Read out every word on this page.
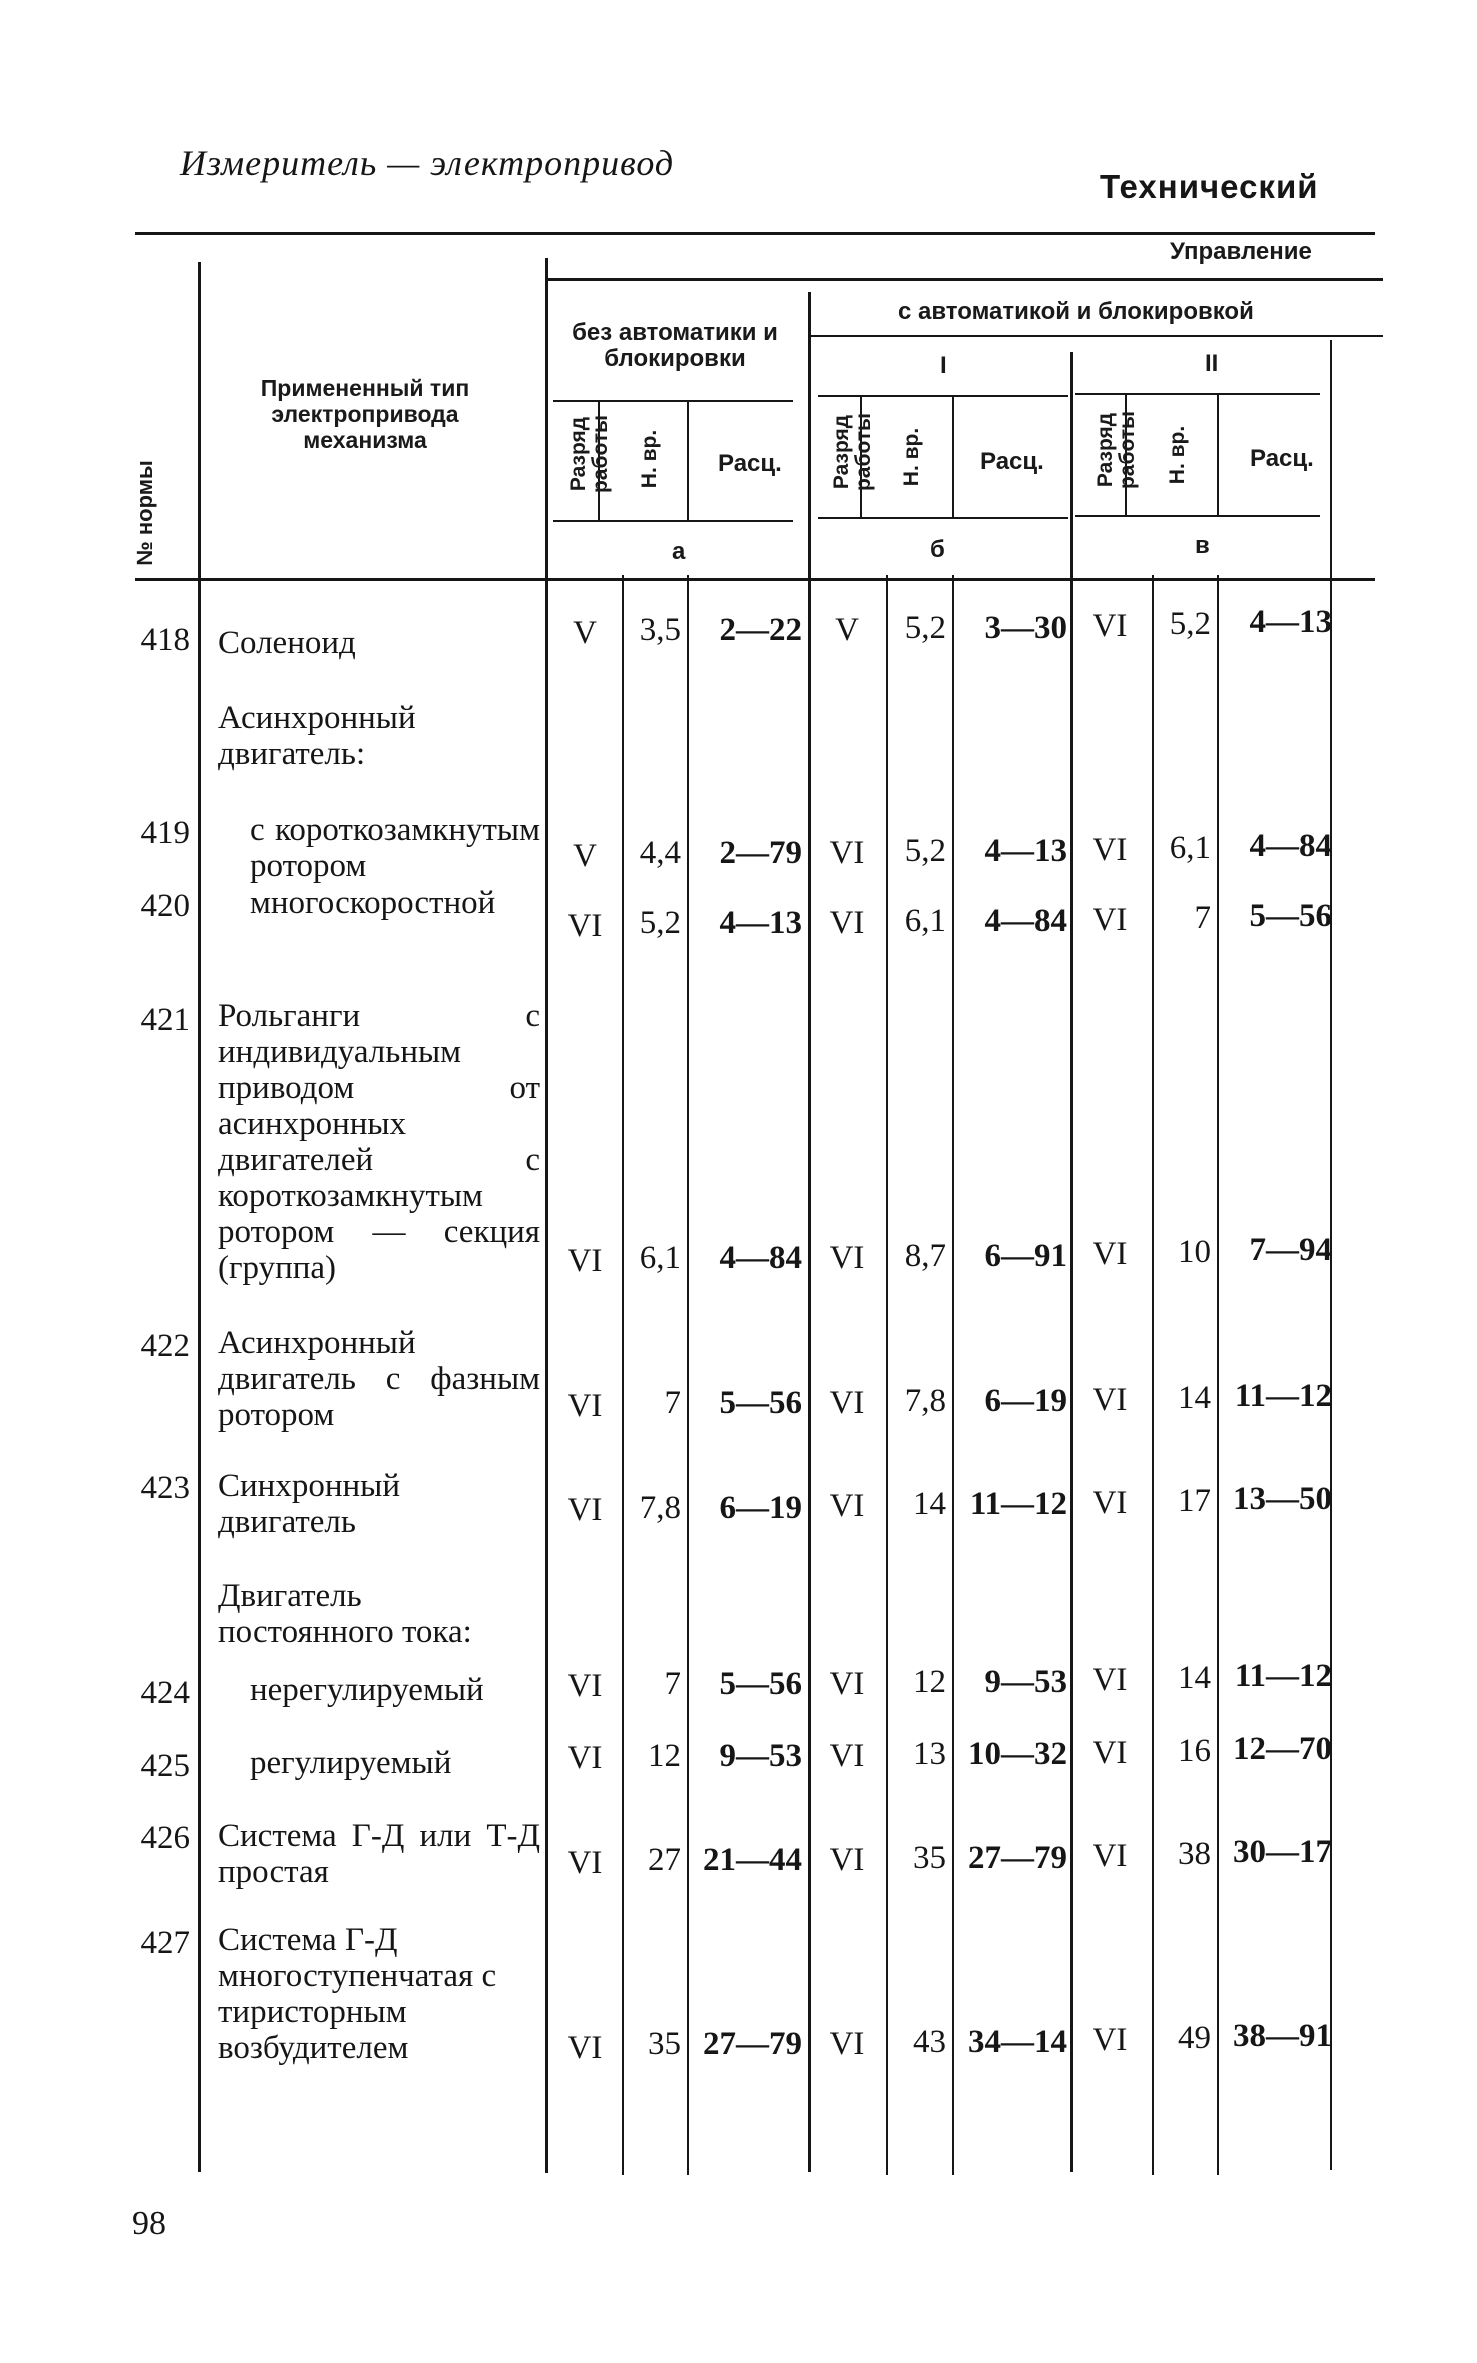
Измеритель — электропривод
Технический
№ нормы
Примененный тип электропривода механизма
Управление
без автоматики и блокировки
с автоматикой и блокировкой
I	II
Разряд работы Н. вр. Расц. Разряд работы Н. вр. Расц. Разряд работы Н. вр.	Расц.
а	б	в
418 Соленоид	V	3,5	2—22	V	5,2	3—30 VI	5,2	4—13
Асинхронный двигатель:
419 с короткозамкнутым ротором	V	4,4	2—79 VI	5,2	4—13 VI	6,1	4—84
420 многоскоростной
VI	5,2	4—13 VI	6,1	4—84 VI	7	5—56
421 Рольганги с индивидуальным приводом от асинхронных двигателей с короткозамкнутым ротором — секция (группа)	VI	6,1	4—84 VI	8,7	6—91 VI	10	7—94
422 Асинхронный двигатель с фазным ротором	VI	7	5—56 VI	7,8	6—19 VI	14 11—12
423 Синхронный двигатель	VI	7,8	6—19 VI	14 11—12 VI	17 13—50
Двигатель постоянного тока:
424 нерегулируемый	VI	7	5—56 VI	12	9—53 VI	14 11—12
425 регулируемый	VI	12	9—53 VI	13 10—32 VI	16 12—70
426 Система Г-Д или Т-Д простая	VI	27 21—44 VI	35 27—79 VI	38 30—17
427 Система Г-Д многоступенчатая с тиристорным возбудителем	VI	35 27—79 VI	43 34—14 VI	49 38—91
98
